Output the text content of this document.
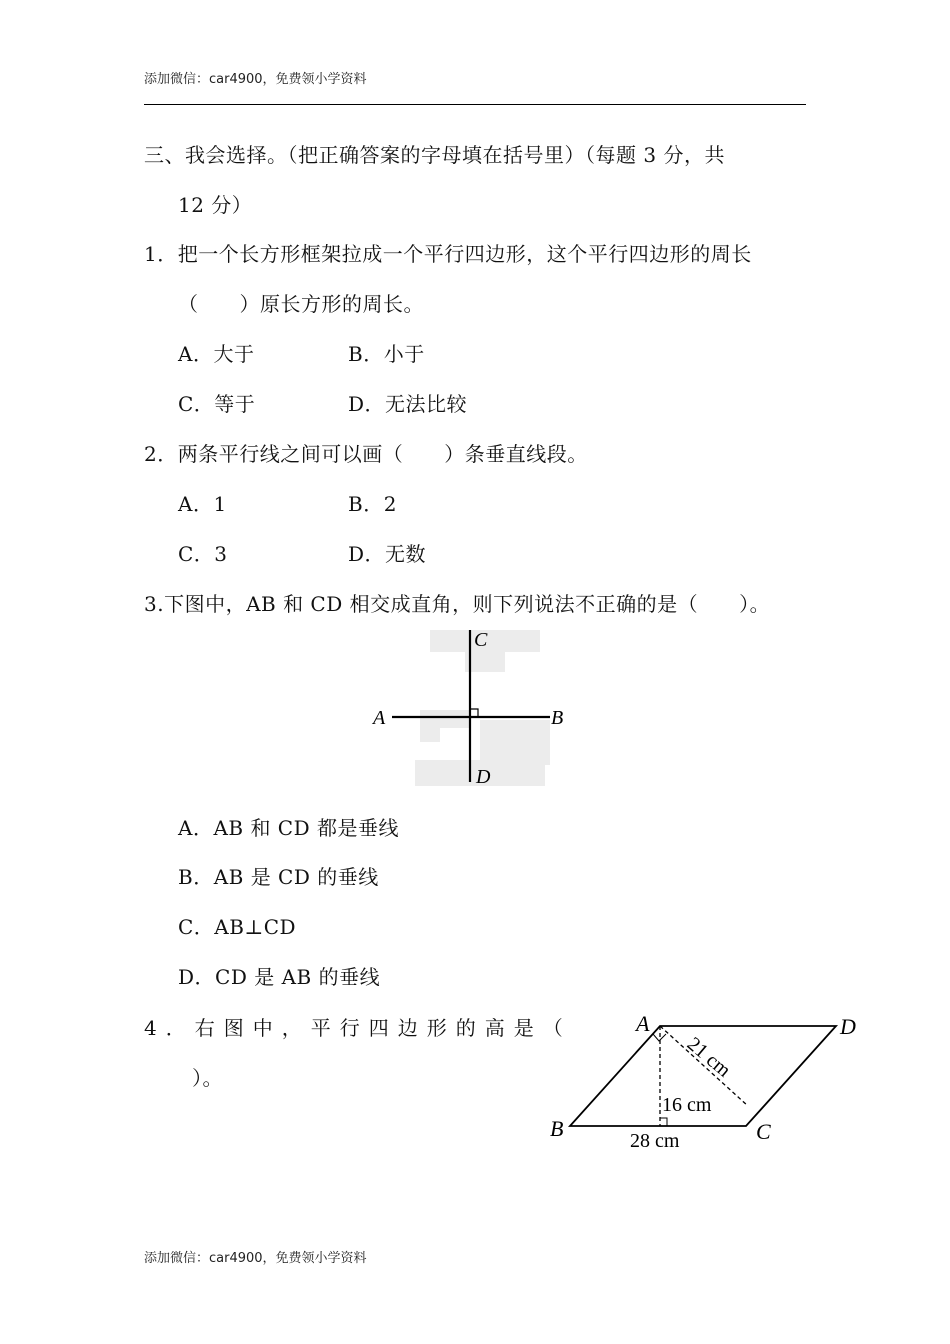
添加微信：car4900，免费领小学资料
三、我会选择。（把正确答案的字母填在括号里）（每题 3 分，共
12 分）
1．把一个长方形框架拉成一个平行四边形，这个平行四边形的周长
（　　）原长方形的周长。
A．大于	B．小于
C．等于	D．无法比较
2．两条平行线之间可以画（　　）条垂直线段。
A．1	B．2
C．3	D．无数
3.下图中，AB 和 CD 相交成直角，则下列说法不正确的是（　　）。
A	B
C
D
A．AB 和 CD 都是垂线
B．AB 是 CD 的垂线
C．AB⊥CD
D．CD 是 AB 的垂线
4．右图中，平行四边形的高是（
）。
A	D
B	C
21 cm
16 cm
28 cm
添加微信：car4900，免费领小学资料
